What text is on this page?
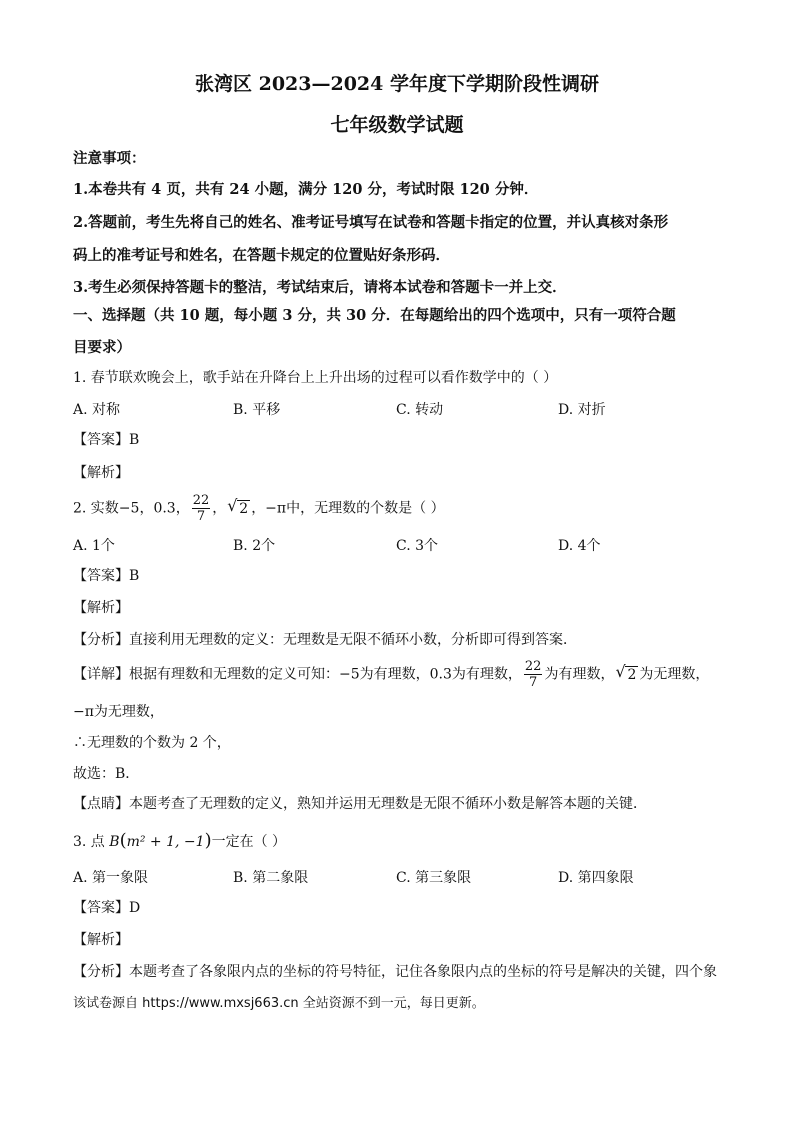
张湾区 2023—2024 学年度下学期阶段性调研
七年级数学试题
注意事项：
1.本卷共有 4 页，共有 24 小题，满分 120 分，考试时限 120 分钟．
2.答题前，考生先将自己的姓名、准考证号填写在试卷和答题卡指定的位置，并认真核对条形
码上的准考证号和姓名，在答题卡规定的位置贴好条形码．
3.考生必须保持答题卡的整洁，考试结束后，请将本试卷和答题卡一并上交．
一、选择题（共 10 题，每小题 3 分，共 30 分．在每题给出的四个选项中，只有一项符合题
目要求）
1. 春节联欢晚会上，歌手站在升降台上上升出场的过程可以看作数学中的（ ）
A. 对称	B. 平移	C. 转动	D. 对折
【答案】B
【解析】
2. 实数−5，0.3， $\frac{22}{7}$ ， √ 2 ，−π中，无理数的个数是（ ）
A. 1个	B. 2个	C. 3个	D. 4个
【答案】B
【解析】
【分析】直接利用无理数的定义：无理数是无限不循环小数，分析即可得到答案．
【详解】根据有理数和无理数的定义可知：−5为有理数，0.3为有理数， $\frac{22}{7}$ 为有理数， √ 2 为无理数，
−π为无理数，
∴无理数的个数为 2 个，
故选：B．
【点睛】本题考查了无理数的定义，熟知并运用无理数是无限不循环小数是解答本题的关键．
3. 点 B(m² + 1, −1)一定在（ ）
A. 第一象限	B. 第二象限	C. 第三象限	D. 第四象限
【答案】D
【解析】
【分析】本题考查了各象限内点的坐标的符号特征，记住各象限内点的坐标的符号是解决的关键，四个象
该试卷源自 https://www.mxsj663.cn 全站资源不到一元，每日更新。
